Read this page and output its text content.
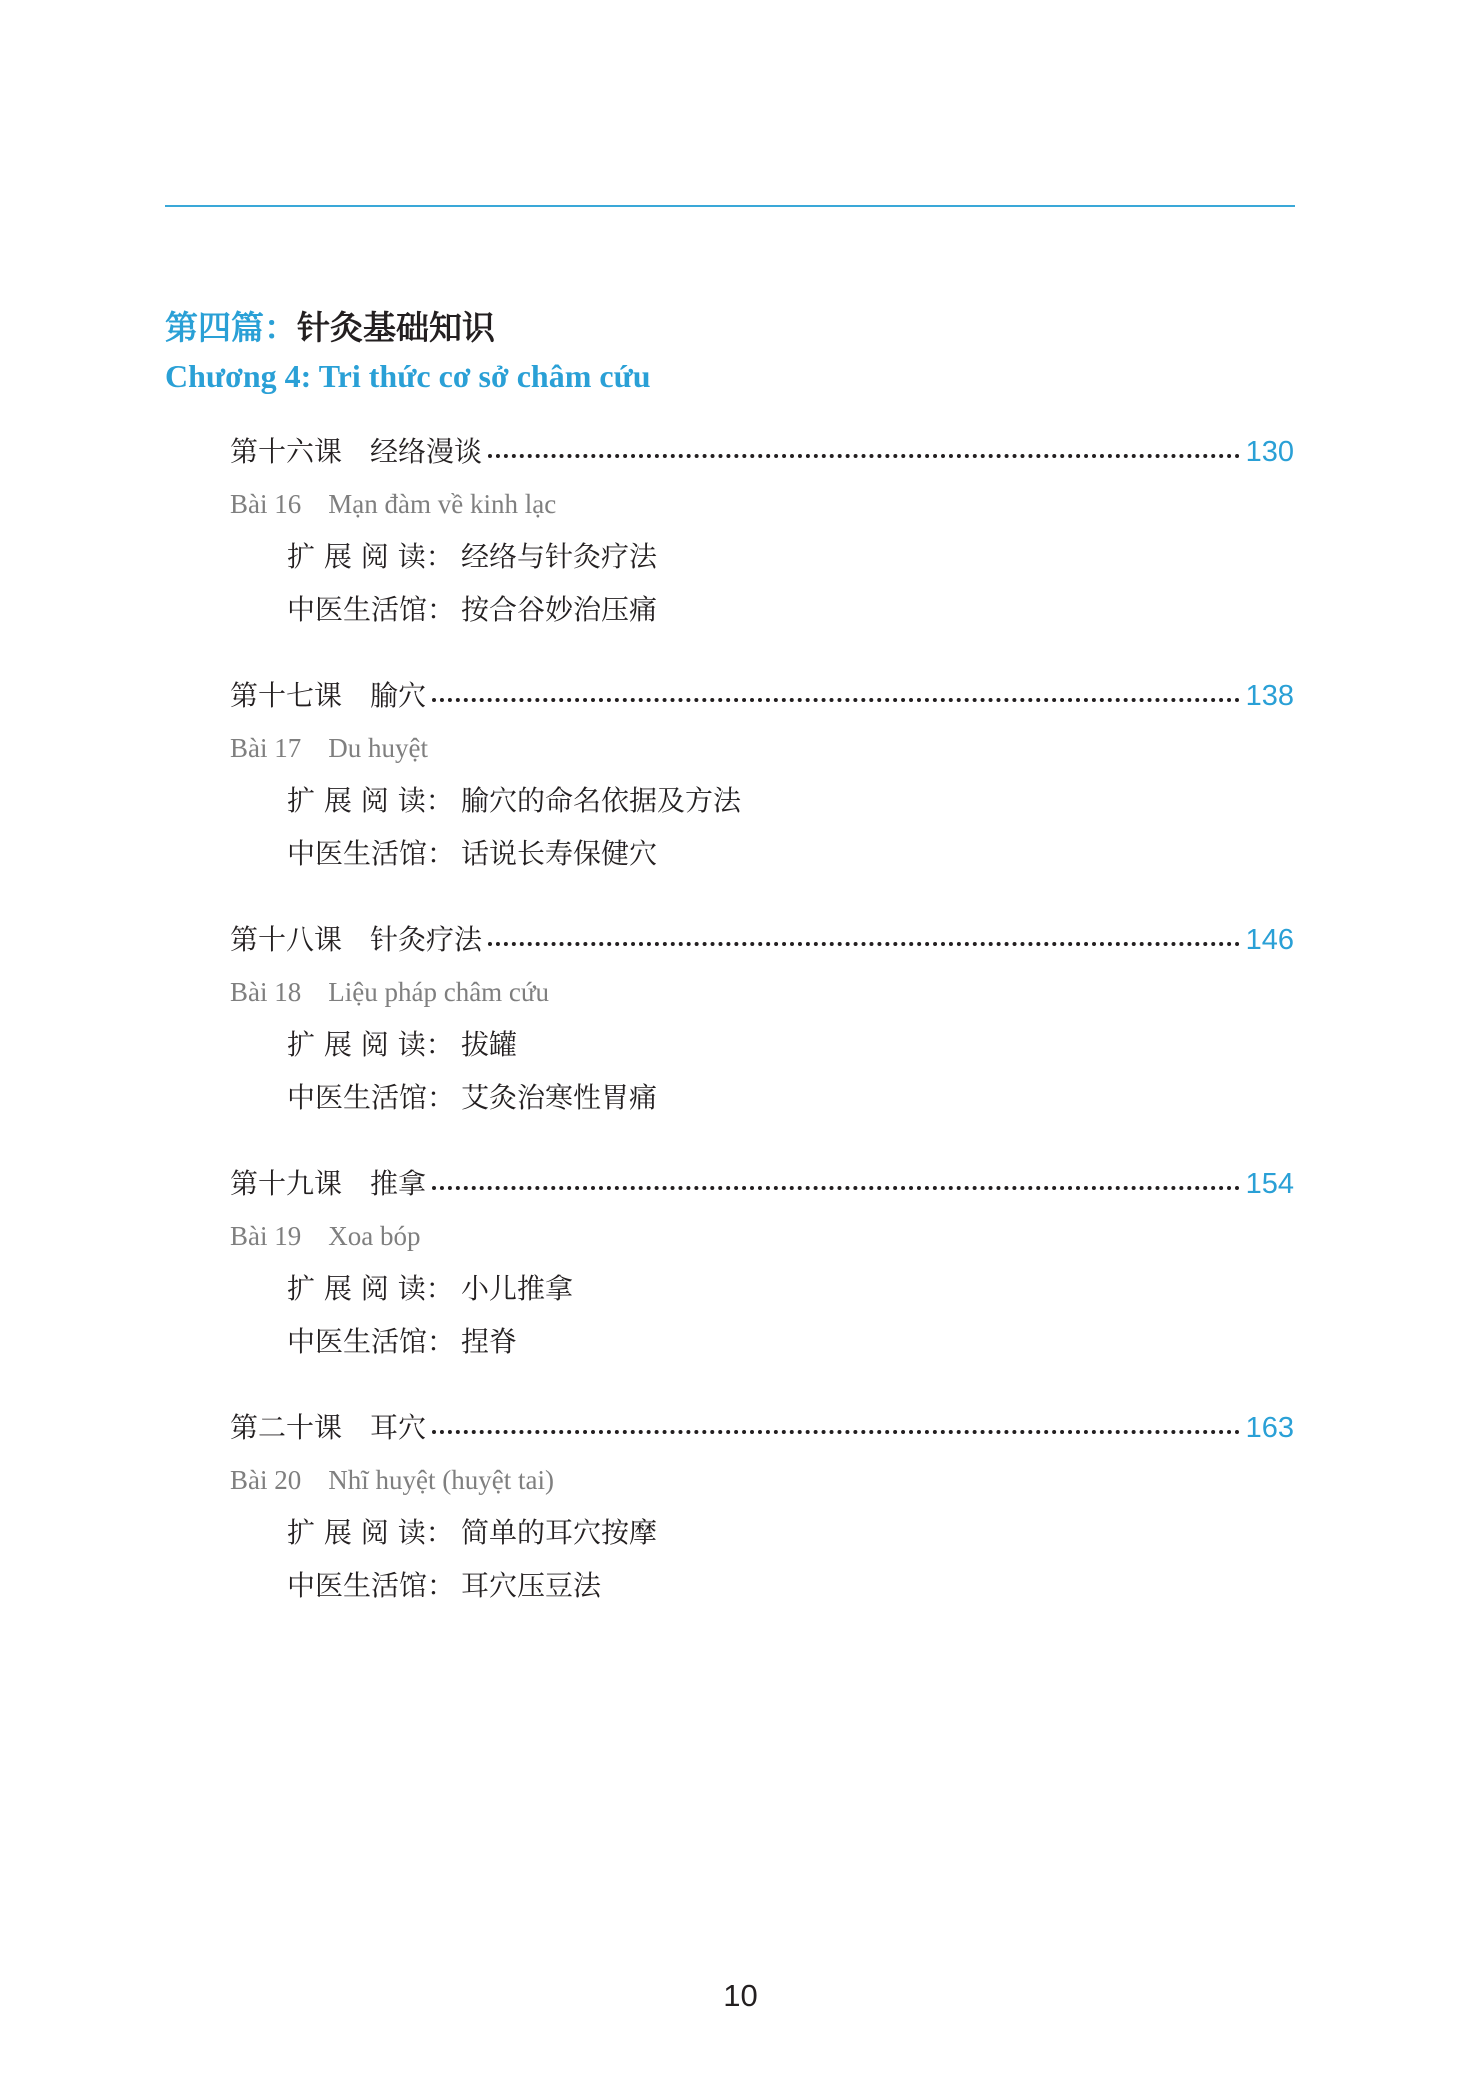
第四篇：针灸基础知识
Chương 4: Tri thức cơ sở châm cứu
第十六课　经络漫谈	130
Bài 16　Mạn đàm về kinh lạc
扩 展 阅 读： 经络与针灸疗法
中医生活馆： 按合谷妙治压痛
第十七课　腧穴	138
Bài 17　Du huyệt
扩 展 阅 读： 腧穴的命名依据及方法
中医生活馆： 话说长寿保健穴
第十八课　针灸疗法	146
Bài 18　Liệu pháp châm cứu
扩 展 阅 读： 拔罐
中医生活馆： 艾灸治寒性胃痛
第十九课　推拿	154
Bài 19　Xoa bóp
扩 展 阅 读： 小儿推拿
中医生活馆： 捏脊
第二十课　耳穴	163
Bài 20　Nhĩ huyệt (huyệt tai)
扩 展 阅 读： 简单的耳穴按摩
中医生活馆： 耳穴压豆法
10
